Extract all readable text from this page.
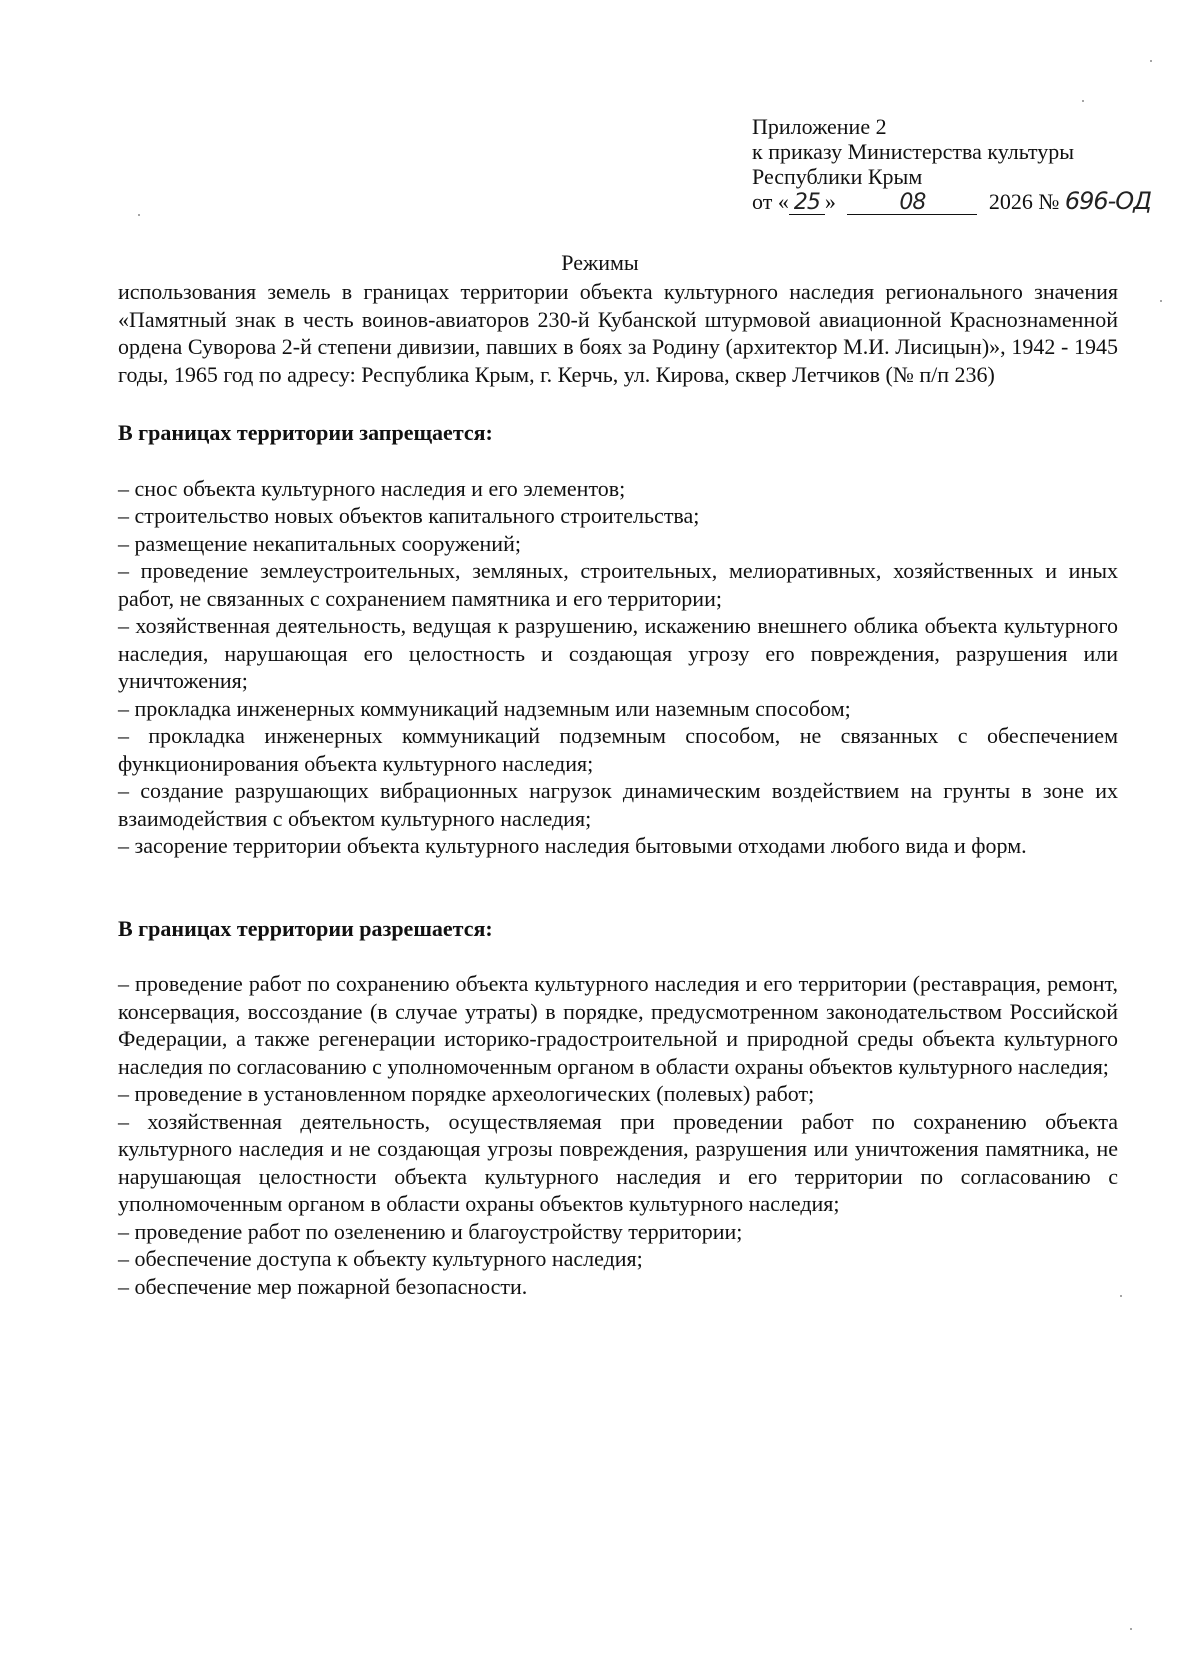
Приложение 2
к приказу Министерства культуры
Республики Крым
от « 25 »	08	2026 № 696-ОД
Режимы

использования земель в границах территории объекта культурного наследия регионального значения «Памятный знак в честь воинов-авиаторов 230-й Кубанской штурмовой авиационной Краснознаменной ордена Суворова 2-й степени дивизии, павших в боях за Родину (архитектор М.И. Лисицын)», 1942 - 1945 годы, 1965 год по адресу: Республика Крым, г. Керчь, ул. Кирова, сквер Летчиков (№ п/п 236)

В границах территории запрещается:

– снос объекта культурного наследия и его элементов;
– строительство новых объектов капитального строительства;
– размещение некапитальных сооружений;
– проведение землеустроительных, земляных, строительных, мелиоративных, хозяйственных и иных работ, не связанных с сохранением памятника и его территории;
– хозяйственная деятельность, ведущая к разрушению, искажению внешнего облика объекта культурного наследия, нарушающая его целостность и создающая угрозу его повреждения, разрушения или уничтожения;
– прокладка инженерных коммуникаций надземным или наземным способом;
– прокладка инженерных коммуникаций подземным способом, не связанных с обеспечением функционирования объекта культурного наследия;
– создание разрушающих вибрационных нагрузок динамическим воздействием на грунты в зоне их взаимодействия с объектом культурного наследия;
– засорение территории объекта культурного наследия бытовыми отходами любого вида и форм.

В границах территории разрешается:

– проведение работ по сохранению объекта культурного наследия и его территории (реставрация, ремонт, консервация, воссоздание (в случае утраты) в порядке, предусмотренном законодательством Российской Федерации, а также регенерации историко-градостроительной и природной среды объекта культурного наследия по согласованию с уполномоченным органом в области охраны объектов культурного наследия;
– проведение в установленном порядке археологических (полевых) работ;
– хозяйственная деятельность, осуществляемая при проведении работ по сохранению объекта культурного наследия и не создающая угрозы повреждения, разрушения или уничтожения памятника, не нарушающая целостности объекта культурного наследия и его территории по согласованию с уполномоченным органом в области охраны объектов культурного наследия;
– проведение работ по озеленению и благоустройству территории;
– обеспечение доступа к объекту культурного наследия;
– обеспечение мер пожарной безопасности.
